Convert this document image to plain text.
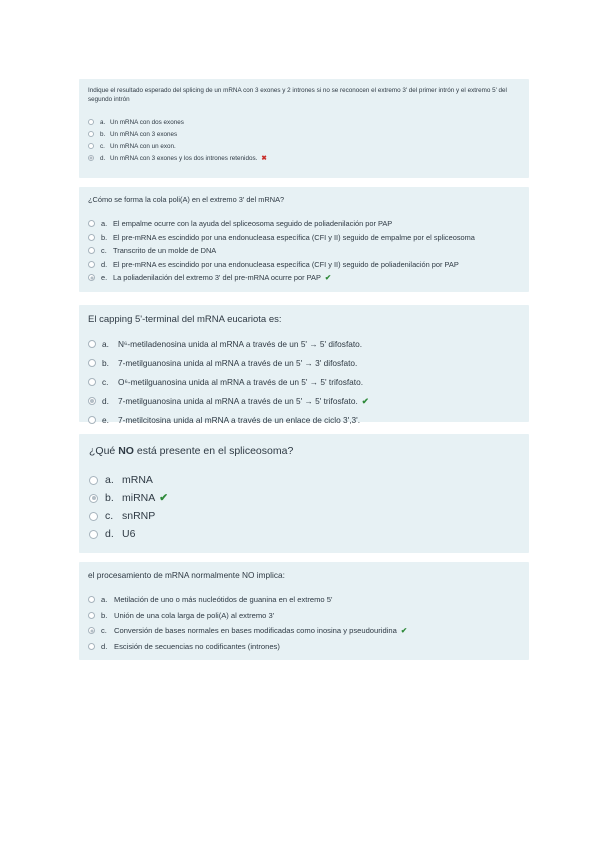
Indique el resultado esperado del splicing de un mRNA con 3 exones y 2 intrones si no se reconocen el extremo 3' del primer intrón y el extremo 5' del segundo intrón

a. Un mRNA con dos exones
b. Un mRNA con 3 exones
c. Un mRNA con un exon.
d. Un mRNA con 3 exones y los dos intrones retenidos. ✖

¿Cómo se forma la cola poli(A) en el extremo 3' del mRNA?

a. El empalme ocurre con la ayuda del spliceosoma seguido de poliadenilación por PAP
b. El pre-mRNA es escindido por una endonucleasa específica (CFI y II) seguido de empalme por el spliceosoma
c. Transcrito de un molde de DNA
d. El pre-mRNA es escindido por una endonucleasa específica (CFI y II) seguido de poliadenilación por PAP
e. La poliadenilación del extremo 3' del pre-mRNA ocurre por PAP ✔

El capping 5'-terminal del mRNA eucariota es:

a.	N⁶-metiladenosina unida al mRNA a través de un 5' → 5' difosfato.
b.	7-metilguanosina unida al mRNA a través de un 5' → 3' difosfato.
c.	O⁶-metilguanosina unida al mRNA a través de un 5' → 5' trifosfato.
d.	7-metilguanosina unida al mRNA a través de un 5' → 5' trifosfato. ✔
e.	7-metilcitosina unida al mRNA a través de un enlace de ciclo 3',3'.

¿Qué NO está presente en el spliceosoma?

a. mRNA
b. miRNA ✔
c. snRNP
d. U6

el procesamiento de mRNA normalmente NO implica:

a. Metilación de uno o más nucleótidos de guanina en el extremo 5'
b. Unión de una cola larga de poli(A) al extremo 3'
c. Conversión de bases normales en bases modificadas como inosina y pseudouridina ✔
d. Escisión de secuencias no codificantes (intrones)
